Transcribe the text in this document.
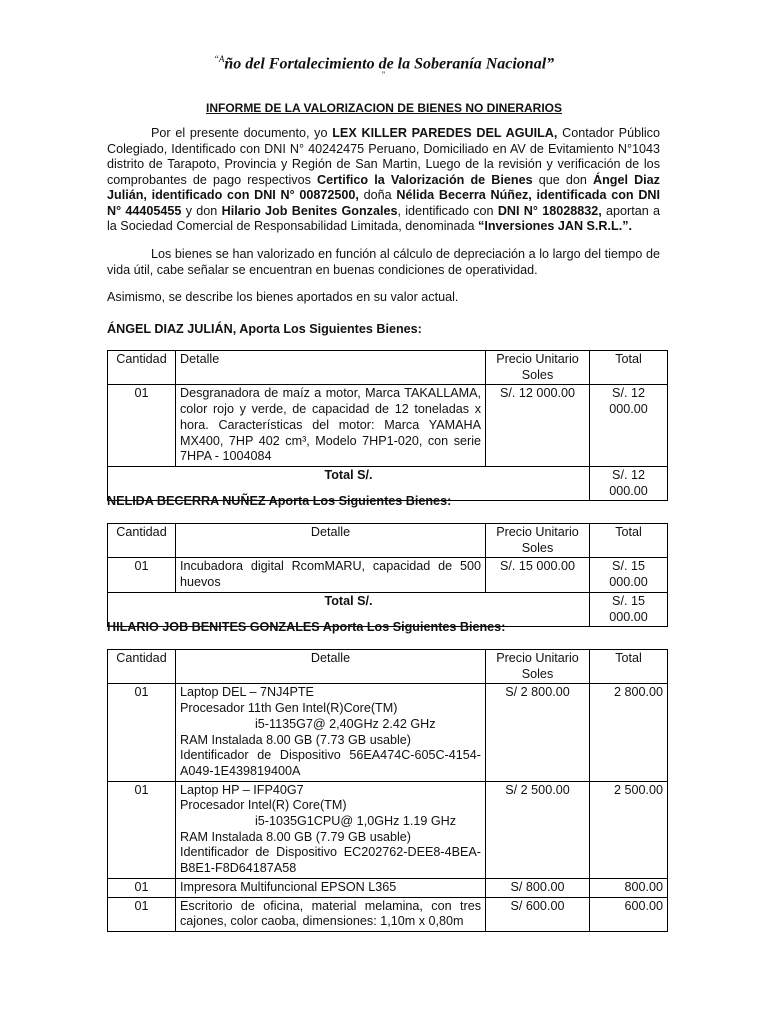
$^{“A}$ño del Fortalecimiento de la Soberanía Nacional”
”
INFORME DE LA VALORIZACION DE BIENES NO DINERARIOS

Por el presente documento, yo LEX KILLER PAREDES DEL AGUILA, Contador Público Colegiado, Identificado con DNI N° 40242475 Peruano, Domiciliado en AV de Evitamiento N°1043 distrito de Tarapoto, Provincia y Región de San Martin, Luego de la revisión y verificación de los comprobantes de pago respectivos Certifico la Valorización de Bienes que don Ángel Diaz Julián, identificado con DNI N° 00872500, doña Nélida Becerra Núñez, identificada con DNI N° 44405455 y don Hilario Job Benites Gonzales, identificado con DNI N° 18028832, aportan a la Sociedad Comercial de Responsabilidad Limitada, denominada “Inversiones JAN S.R.L.”.

Los bienes se han valorizado en función al cálculo de depreciación a lo largo del tiempo de vida útil, cabe señalar se encuentran en buenas condiciones de operatividad.

Asimismo, se describe los bienes aportados en su valor actual.

ÁNGEL DIAZ JULIÁN, Aporta Los Siguientes Bienes:
Cantidad	Detalle	Precio Unitario Soles	Total
01	Desgranadora de maíz a motor, Marca TAKALLAMA, color rojo y verde, de capacidad de 12 toneladas x hora. Características del motor: Marca YAMAHA MX400, 7HP 402 cm³, Modelo 7HP1-020, con serie 7HPA - 1004084	S/. 12 000.00	S/. 12 000.00
Total S/.			S/. 12 000.00
NELIDA BECERRA NUÑEZ Aporta Los Siguientes Bienes:
Cantidad	Detalle	Precio Unitario Soles	Total
01	Incubadora digital RcomMARU, capacidad de 500 huevos	S/. 15 000.00	S/. 15 000.00
Total S/.			S/. 15 000.00
HILARIO JOB BENITES GONZALES Aporta Los Siguientes Bienes:
Cantidad	Detalle	Precio Unitario Soles	Total
01	Laptop DEL – 7NJ4PTE
Procesador 11th Gen Intel(R)Core(TM)
i5-1135G7@ 2,40GHz 2.42 GHz
RAM Instalada 8.00 GB (7.73 GB usable)
Identificador de Dispositivo 56EA474C-605C-4154-A049-1E439819400A	S/ 2 800.00	2 800.00
01	Laptop HP – IFP40G7
Procesador Intel(R) Core(TM)
i5-1035G1CPU@ 1,0GHz 1.19 GHz
RAM Instalada 8.00 GB (7.79 GB usable)
Identificador de Dispositivo EC202762-DEE8-4BEA-B8E1-F8D64187A58	S/ 2 500.00	2 500.00
01	Impresora Multifuncional EPSON L365	S/ 800.00	800.00
01	Escritorio de oficina, material melamina, con tres cajones, color caoba, dimensiones: 1,10m x 0,80m	S/ 600.00	600.00
